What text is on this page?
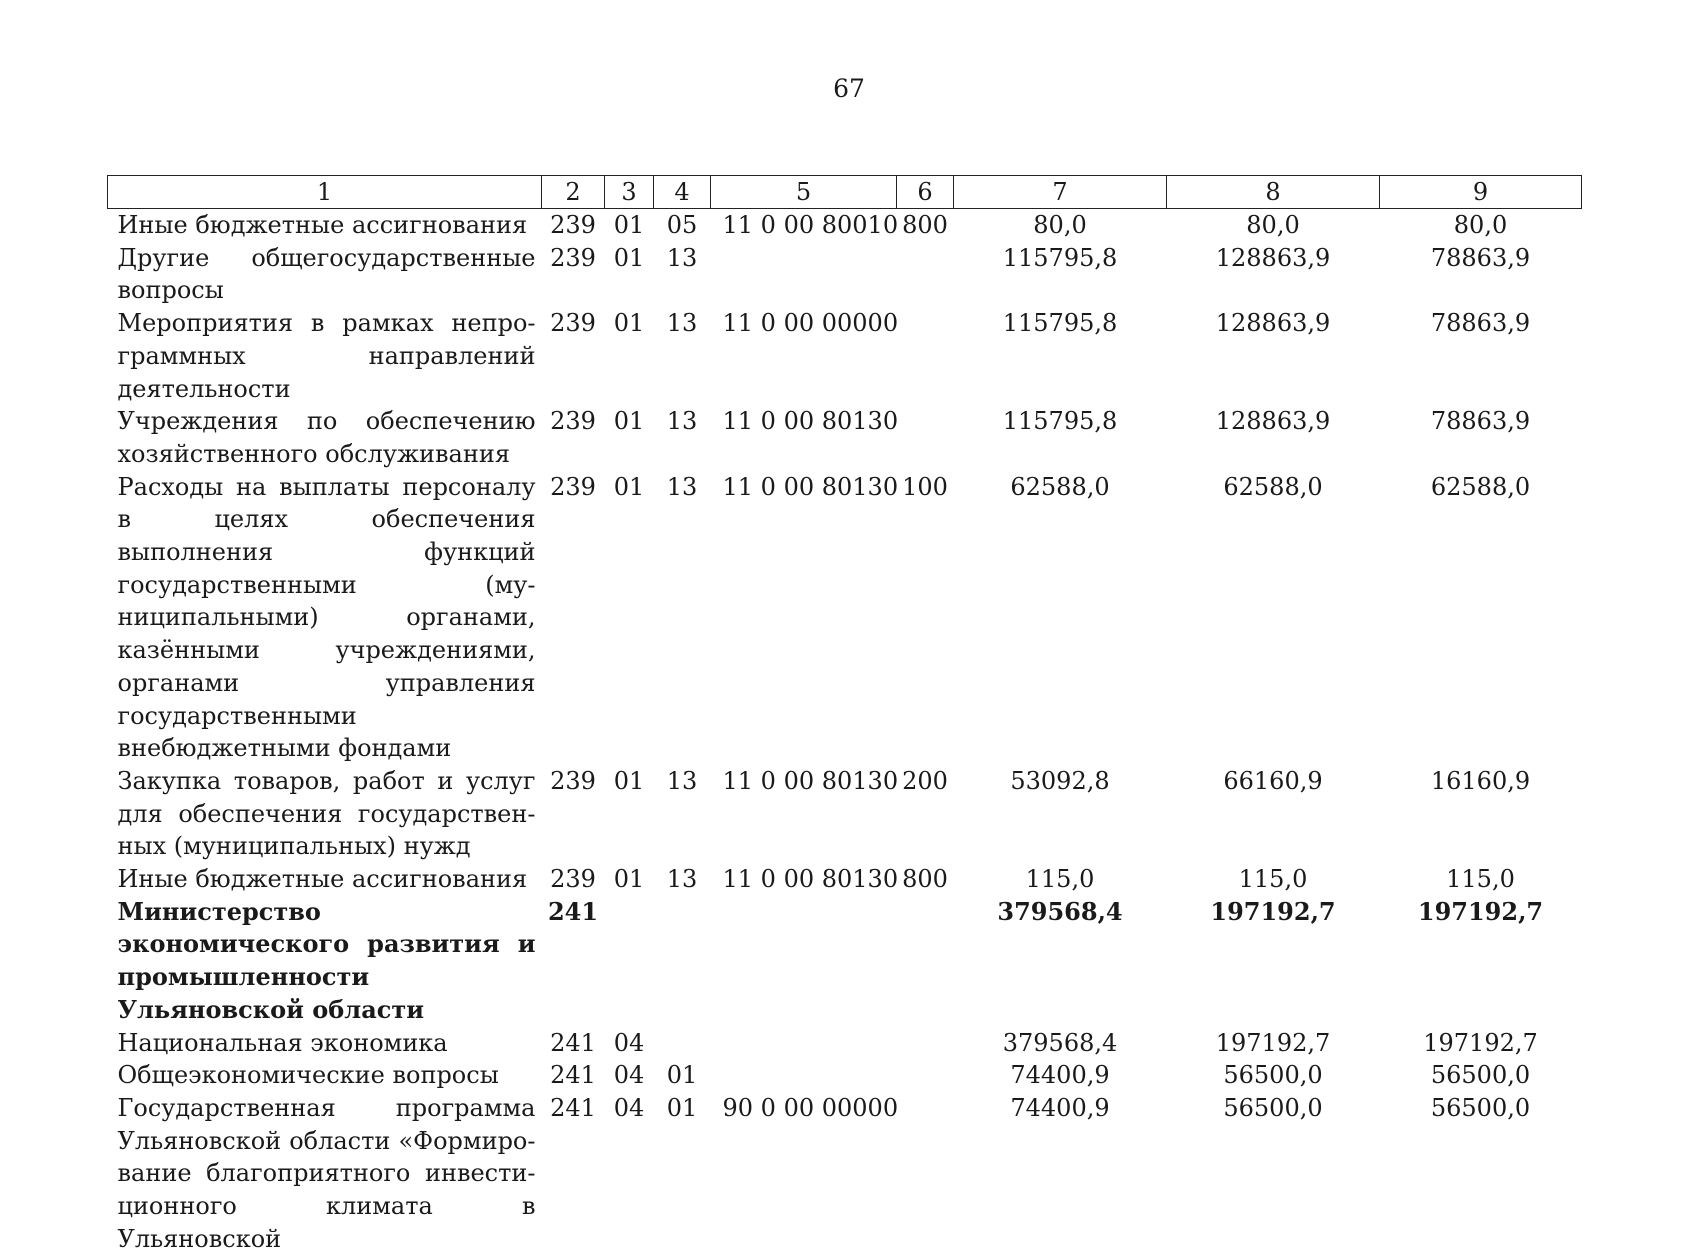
67
1	2	3	4	5	6	7	8	9
Иные бюджетные ассигнования	239	01	05	11 0 00 80010	800	80,0	80,0	80,0
Другие общегосударственные вопросы	239	01	13			115795,8	128863,9	78863,9
Мероприятия в рамках непрограммных направлений деятельности	239	01	13	11 0 00 00000		115795,8	128863,9	78863,9
Учреждения по обеспечению хозяйственного обслуживания	239	01	13	11 0 00 80130		115795,8	128863,9	78863,9
Расходы на выплаты персоналу в целях обеспечения выполнения функций государственными (муниципальными) органами, казёнными учреждениями, органами управления государственными внебюджетными фондами	239	01	13	11 0 00 80130	100	62588,0	62588,0	62588,0
Закупка товаров, работ и услуг для обеспечения государственных (муниципальных) нужд	239	01	13	11 0 00 80130	200	53092,8	66160,9	16160,9
Иные бюджетные ассигнования	239	01	13	11 0 00 80130	800	115,0	115,0	115,0
Министерство экономического развития и промышленности Ульяновской области	241					379568,4	197192,7	197192,7
Национальная экономика	241	04				379568,4	197192,7	197192,7
Общеэкономические вопросы	241	04	01			74400,9	56500,0	56500,0
Государственная программа Ульяновской области «Формирование благоприятного инвестиционного климата в Ульяновской	241	04	01	90 0 00 00000		74400,9	56500,0	56500,0
